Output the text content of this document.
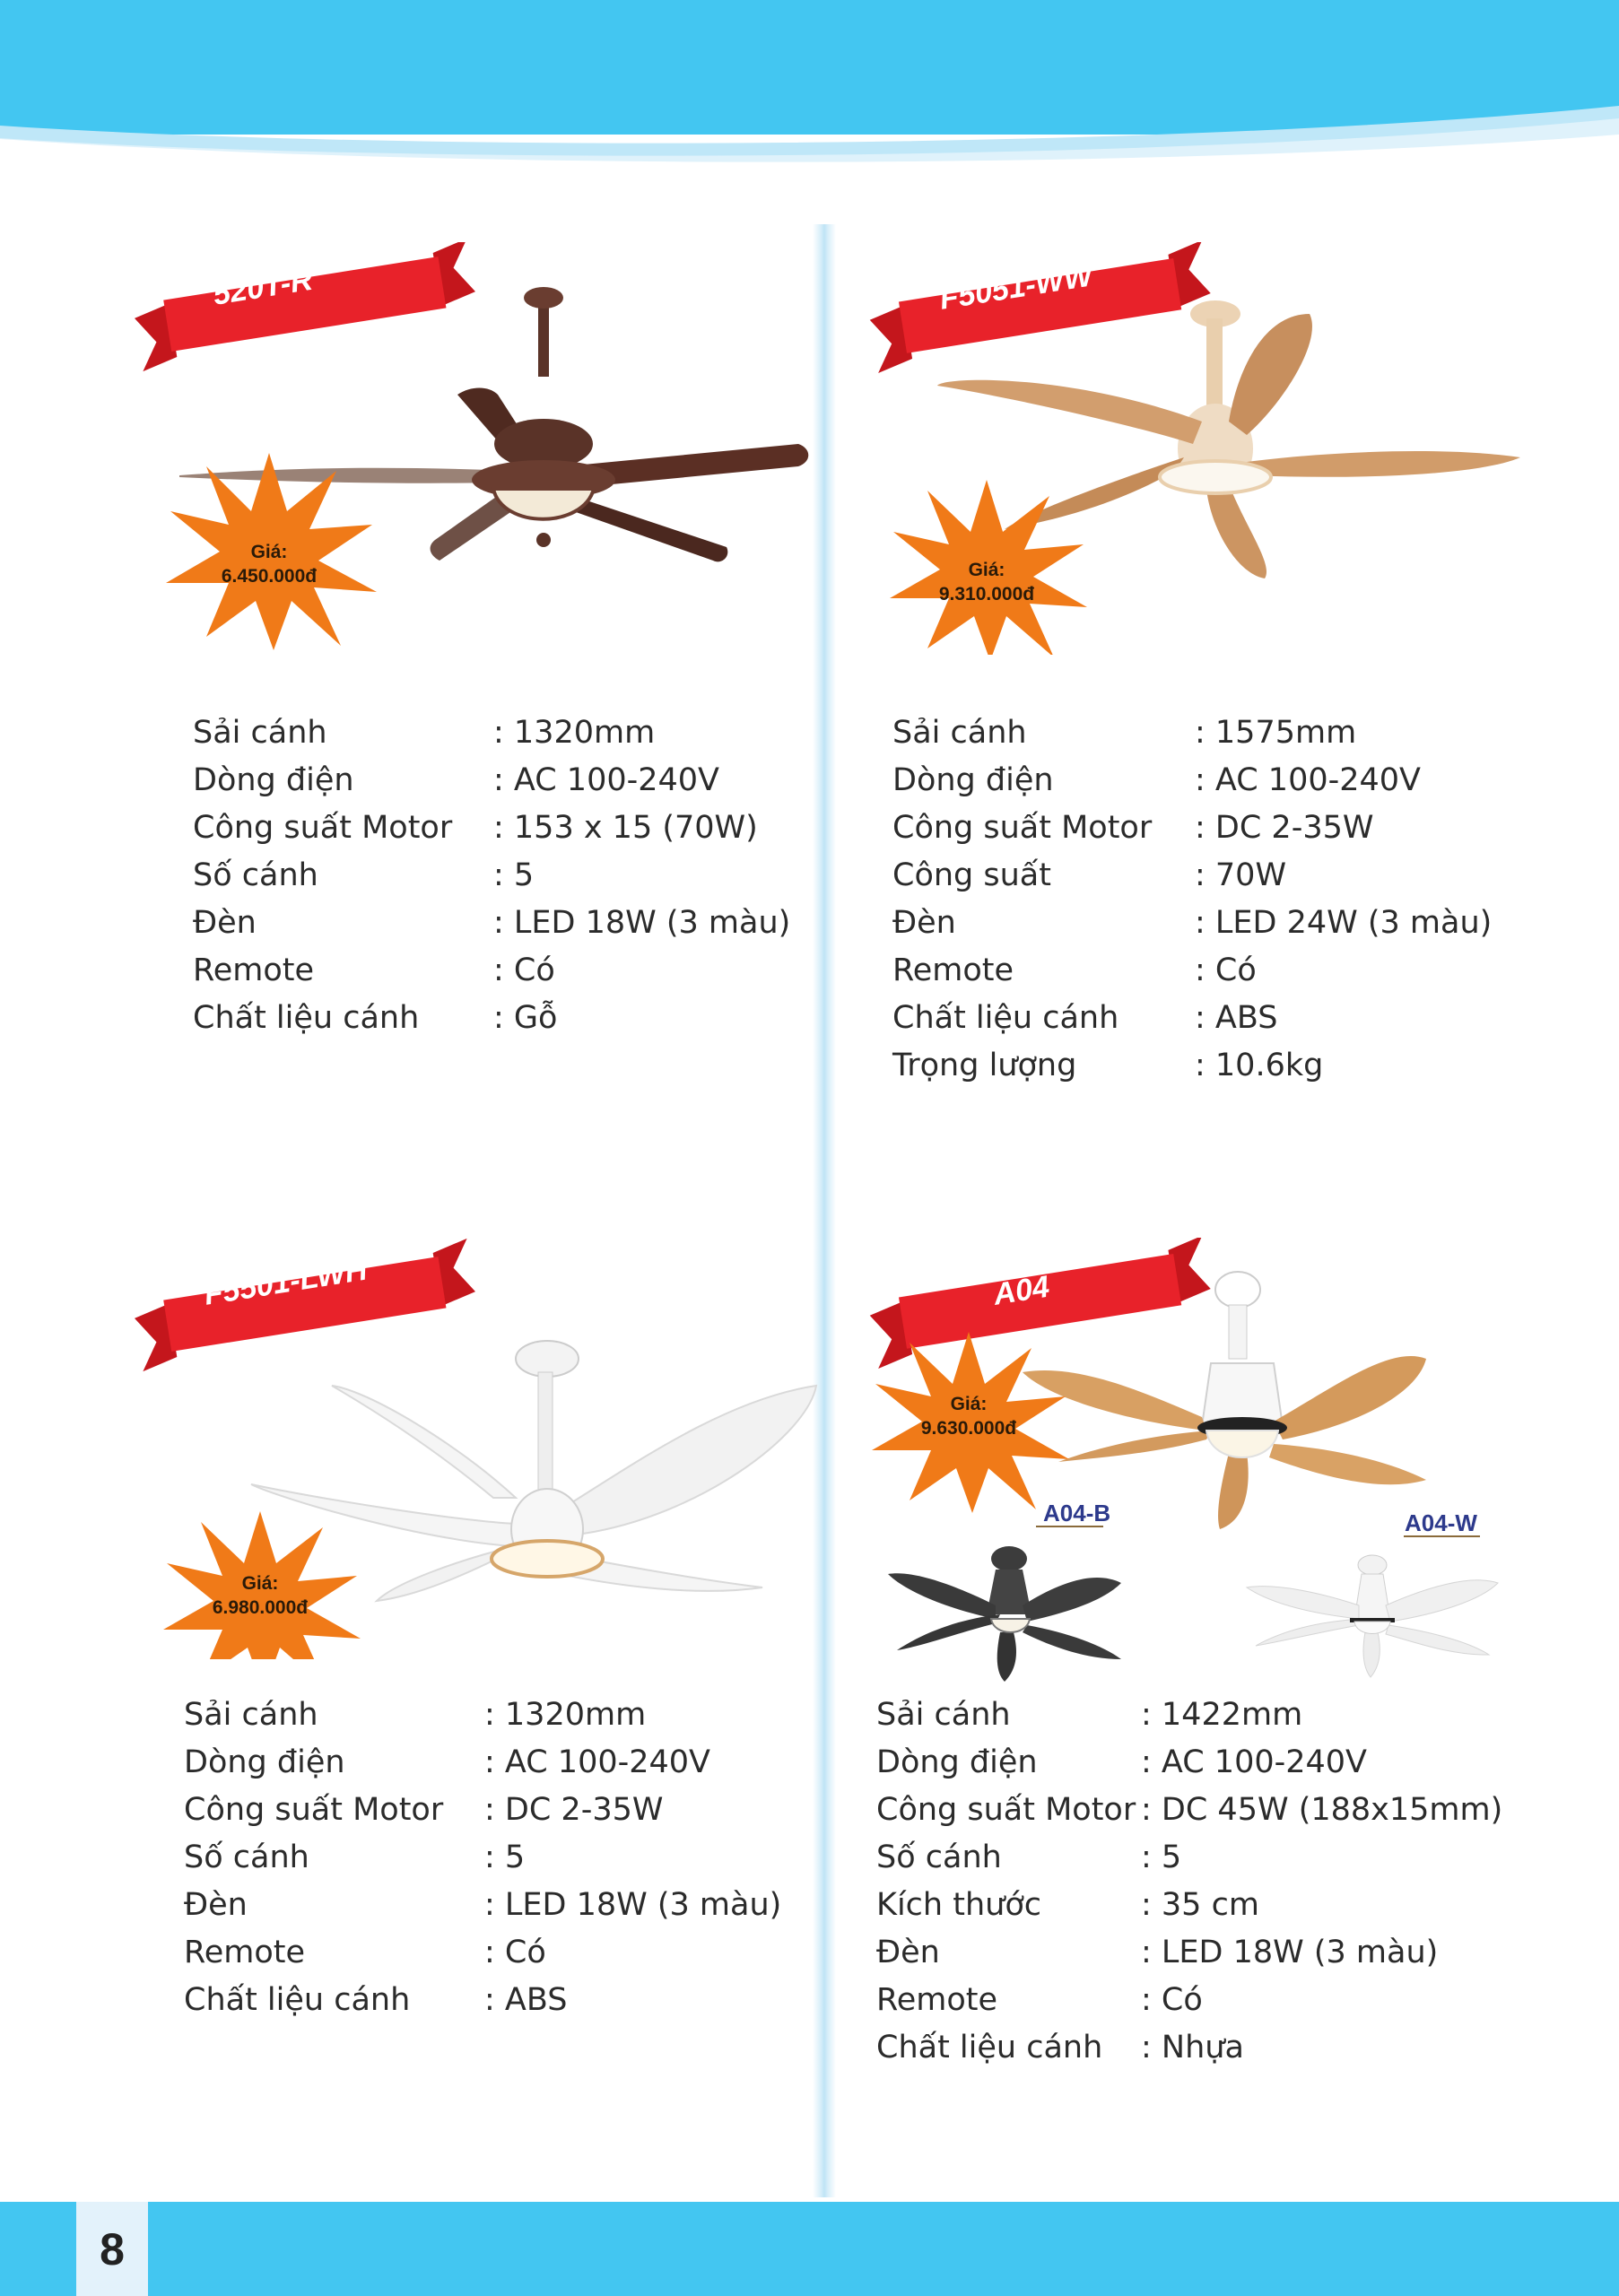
520T-R
Giá:
6.450.000đ
Sải cánh	: 1320mm
Dòng điện	: AC 100-240V
Công suất Motor	: 153 x 15 (70W)
Số cánh	: 5
Đèn	: LED 18W (3 màu)
Remote	: Có
Chất liệu cánh	: Gỗ
F5051-WW
Giá:
9.310.000đ
Sải cánh	: 1575mm
Dòng điện	: AC 100-240V
Công suất Motor	: DC 2-35W
Công suất	: 70W
Đèn	: LED 24W (3 màu)
Remote	: Có
Chất liệu cánh	: ABS
Trọng lượng	: 10.6kg
F5501-LWH
Giá:
6.980.000đ
Sải cánh	: 1320mm
Dòng điện	: AC 100-240V
Công suất Motor	: DC 2-35W
Số cánh	: 5
Đèn	: LED 18W (3 màu)
Remote	: Có
Chất liệu cánh	: ABS
A04
A04-B	A04-W
Giá:
9.630.000đ
Sải cánh	: 1422mm
Dòng điện	: AC 100-240V
Công suất Motor	: DC 45W (188x15mm)
Số cánh	: 5
Kích thước	: 35 cm
Đèn	: LED 18W (3 màu)
Remote	: Có
Chất liệu cánh	: Nhựa
8
